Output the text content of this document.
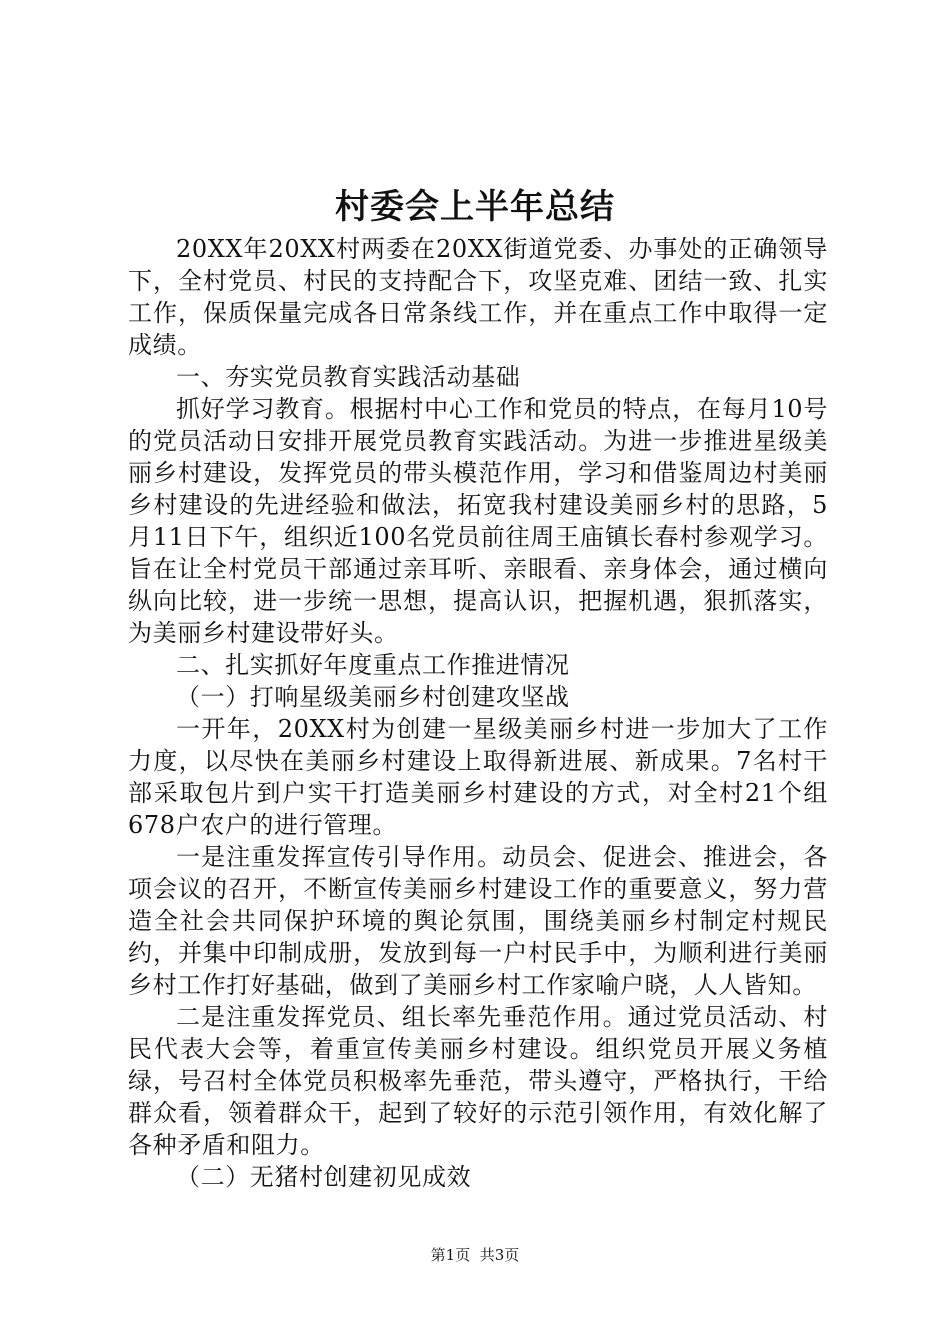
村委会上半年总结

20XX年20XX村两委在20XX街道党委、办事处的正确领导下，全村党员、村民的支持配合下，攻坚克难、团结一致、扎实工作，保质保量完成各日常条线工作，并在重点工作中取得一定成绩。

一、夯实党员教育实践活动基础

抓好学习教育。根据村中心工作和党员的特点，在每月10号的党员活动日安排开展党员教育实践活动。为进一步推进星级美丽乡村建设，发挥党员的带头模范作用，学习和借鉴周边村美丽乡村建设的先进经验和做法，拓宽我村建设美丽乡村的思路，5月11日下午，组织近100名党员前往周王庙镇长春村参观学习。旨在让全村党员干部通过亲耳听、亲眼看、亲身体会，通过横向纵向比较，进一步统一思想，提高认识，把握机遇，狠抓落实，为美丽乡村建设带好头。

二、扎实抓好年度重点工作推进情况

（一）打响星级美丽乡村创建攻坚战

一开年，20XX村为创建一星级美丽乡村进一步加大了工作力度，以尽快在美丽乡村建设上取得新进展、新成果。7名村干部采取包片到户实干打造美丽乡村建设的方式，对全村21个组678户农户的进行管理。

一是注重发挥宣传引导作用。动员会、促进会、推进会，各项会议的召开，不断宣传美丽乡村建设工作的重要意义，努力营造全社会共同保护环境的舆论氛围，围绕美丽乡村制定村规民约，并集中印制成册，发放到每一户村民手中，为顺利进行美丽乡村工作打好基础，做到了美丽乡村工作家喻户晓，人人皆知。

二是注重发挥党员、组长率先垂范作用。通过党员活动、村民代表大会等，着重宣传美丽乡村建设。组织党员开展义务植绿，号召村全体党员积极率先垂范，带头遵守，严格执行，干给群众看，领着群众干，起到了较好的示范引领作用，有效化解了各种矛盾和阻力。

（二）无猪村创建初见成效

第1页 共3页
